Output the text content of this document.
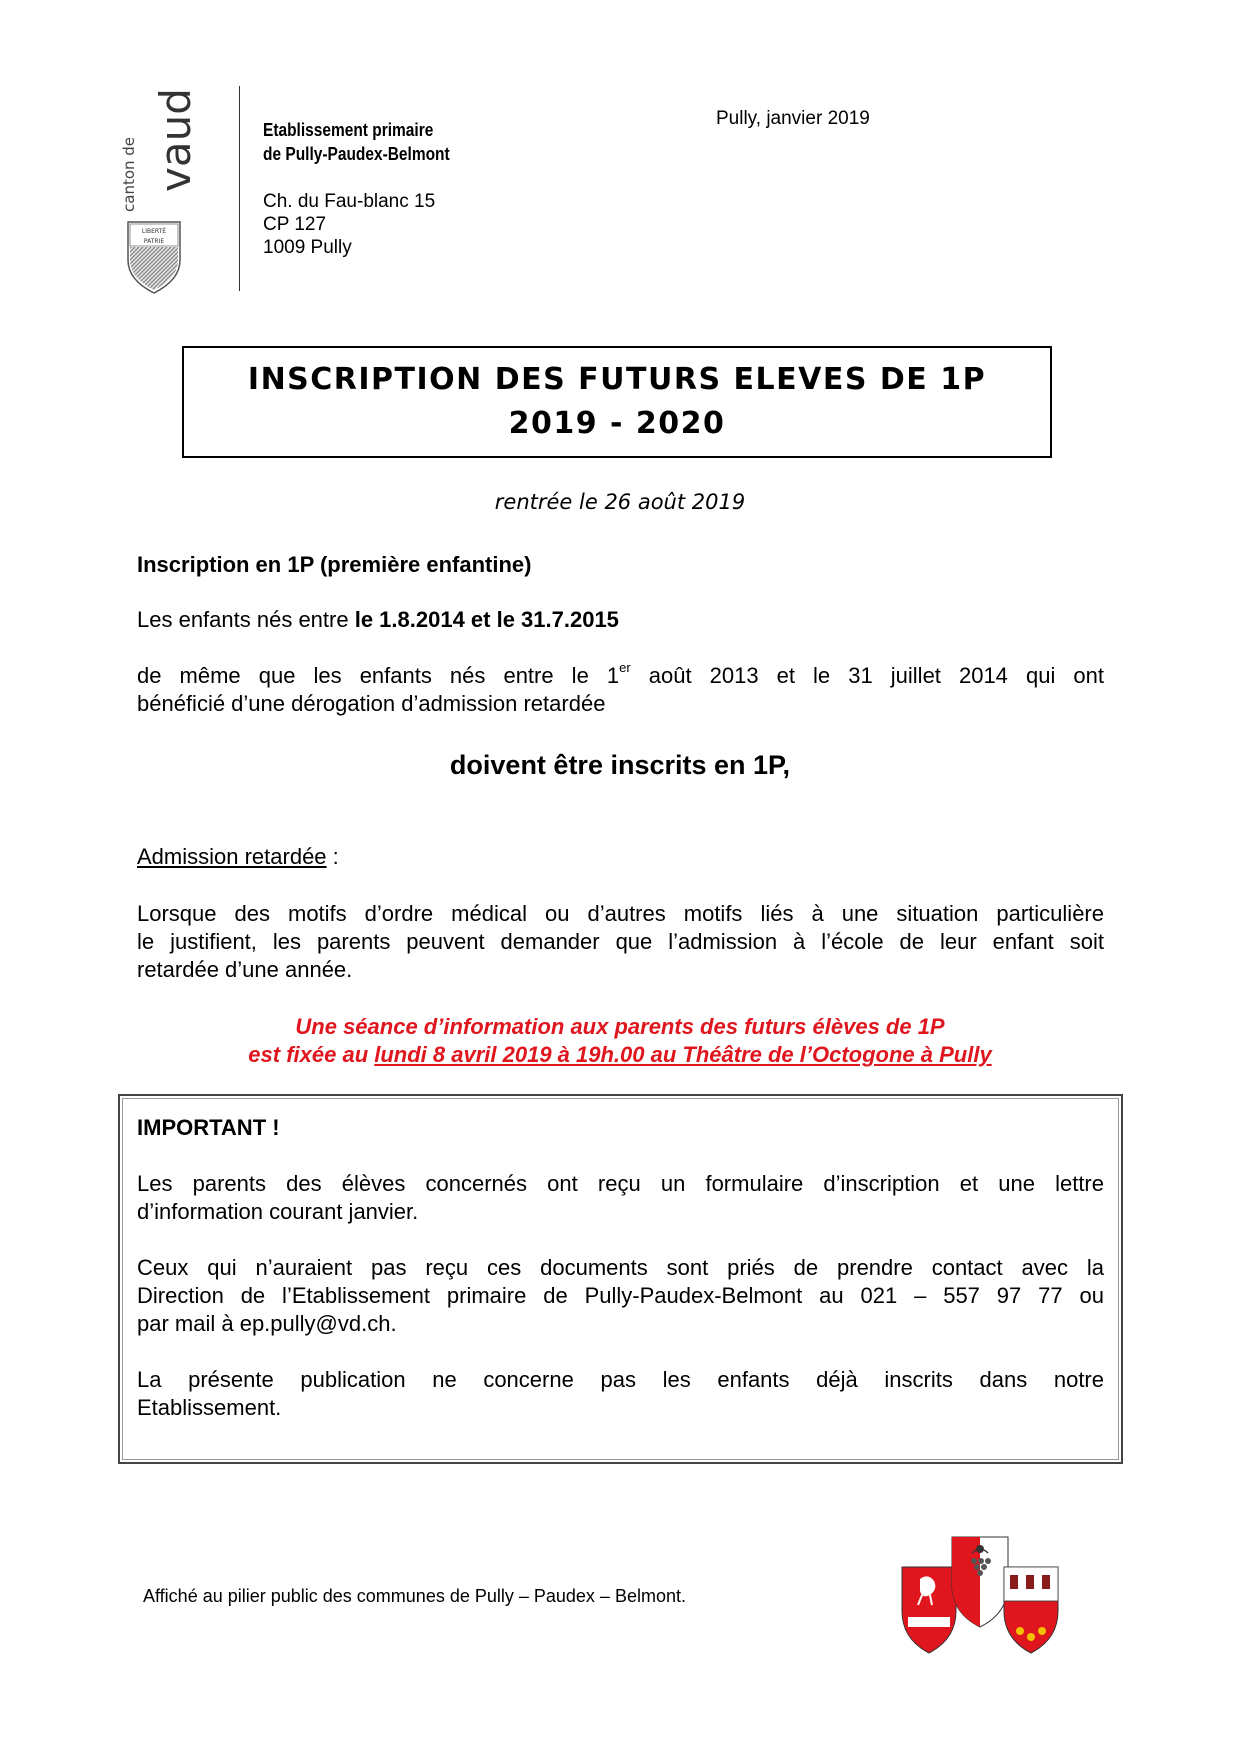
vaud
canton de
LIBERTÉ
PATRIE
Etablissement primaire
de Pully-Paudex-Belmont
Ch. du Fau-blanc 15
CP 127
1009 Pully
Pully, janvier 2019
INSCRIPTION DES FUTURS ELEVES DE 1P
2019 - 2020
rentrée le 26 août 2019
Inscription en 1P (première enfantine)
Les enfants nés entre le 1.8.2014 et le 31.7.2015
de même que les enfants nés entre le 1er août 2013 et le 31 juillet 2014 qui ont
bénéficié d’une dérogation d’admission retardée
doivent être inscrits en 1P,
Admission retardée :
Lorsque des motifs d’ordre médical ou d’autres motifs liés à une situation particulière
le justifient, les parents peuvent demander que l’admission à l’école de leur enfant soit
retardée d’une année.
Une séance d’information aux parents des futurs élèves de 1P
est fixée au lundi 8 avril 2019 à 19h.00 au Théâtre de l’Octogone à Pully
IMPORTANT !
Les parents des élèves concernés ont reçu un formulaire d’inscription et une lettre
d’information courant janvier.
Ceux qui n’auraient pas reçu ces documents sont priés de prendre contact avec la
Direction de l’Etablissement primaire de Pully-Paudex-Belmont au 021 – 557 97 77 ou
par mail à ep.pully@vd.ch.
La présente publication ne concerne pas les enfants déjà inscrits dans notre
Etablissement.
Affiché au pilier public des communes de Pully – Paudex – Belmont.
